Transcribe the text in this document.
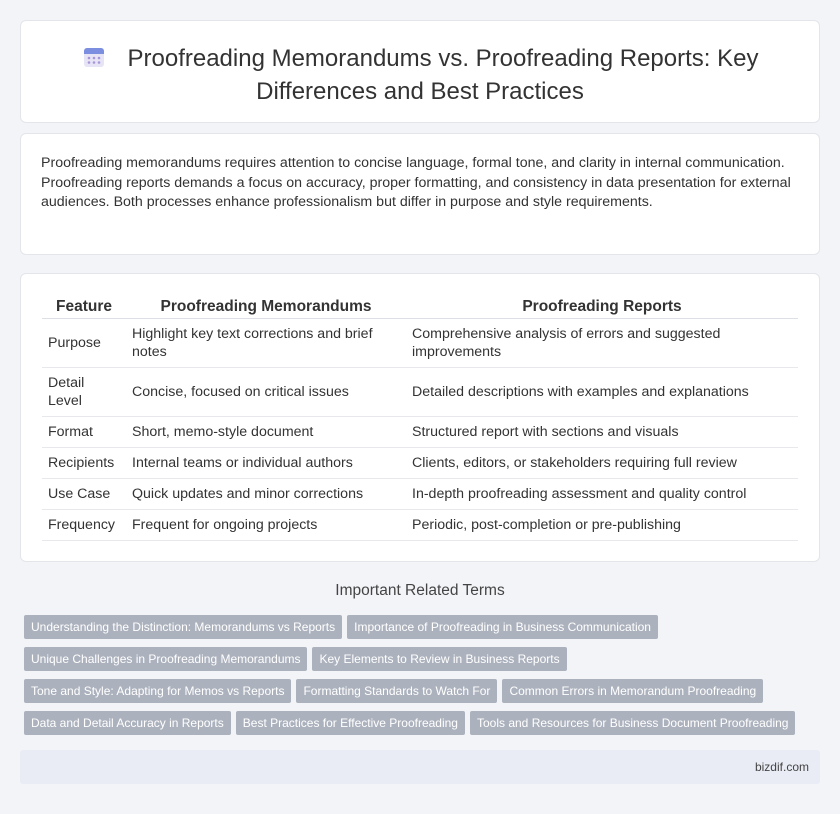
Proofreading Memorandums vs. Proofreading Reports: Key
Differences and Best Practices
Proofreading memorandums requires attention to concise language, formal tone, and clarity in internal communication. Proofreading reports demands a focus on accuracy, proper formatting, and consistency in data presentation for external audiences. Both processes enhance professionalism but differ in purpose and style requirements.
Feature	Proofreading Memorandums	Proofreading Reports
Purpose	Highlight key text corrections and brief notes	Comprehensive analysis of errors and suggested improvements
Detail Level	Concise, focused on critical issues	Detailed descriptions with examples and explanations
Format	Short, memo-style document	Structured report with sections and visuals
Recipients	Internal teams or individual authors	Clients, editors, or stakeholders requiring full review
Use Case	Quick updates and minor corrections	In-depth proofreading assessment and quality control
Frequency	Frequent for ongoing projects	Periodic, post-completion or pre-publishing
Important Related Terms
Understanding the Distinction: Memorandums vs Reports Importance of Proofreading in Business Communication
Unique Challenges in Proofreading Memorandums Key Elements to Review in Business Reports
Tone and Style: Adapting for Memos vs Reports Formatting Standards to Watch For Common Errors in Memorandum Proofreading
Data and Detail Accuracy in Reports Best Practices for Effective Proofreading Tools and Resources for Business Document Proofreading
bizdif.com
